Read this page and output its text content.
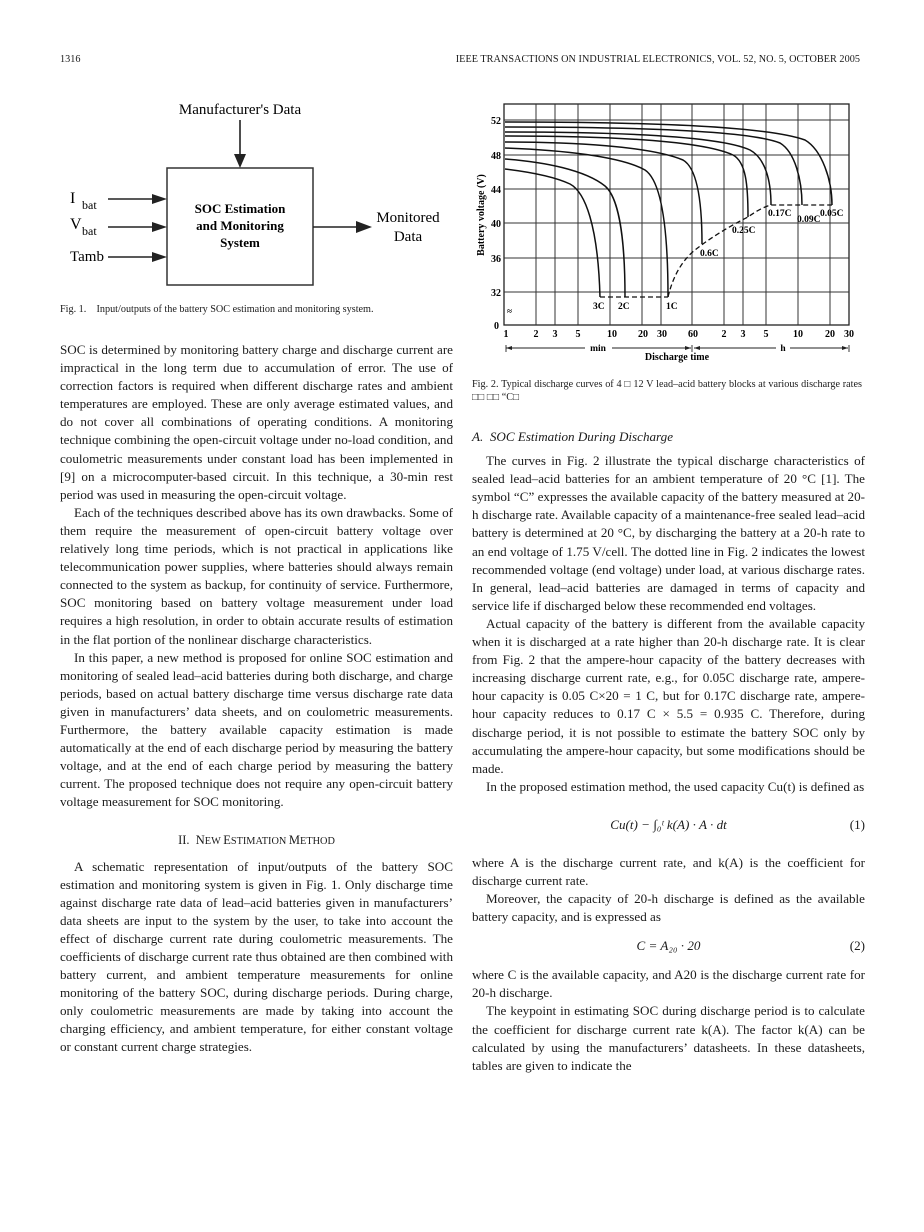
1316	IEEE TRANSACTIONS ON INDUSTRIAL ELECTRONICS, VOL. 52, NO. 5, OCTOBER 2005
Manufacturer's Data
SOC Estimation
and Monitoring
System
I bat
V bat
Tamb
Monitored
Data
Fig. 1.    Input/outputs of the battery SOC estimation and monitoring system.
52
48
44
40
36
32
0
≈
Battery voltage (V)
1	2 3 5	10 20 30 60 2 3 5 10 20 30
min	h
Discharge time
3C 2C	1C
0.6C
0.25C
0.17C
0.09C
0.05C
Fig. 2. Typical discharge curves of 4 □ 12 V lead–acid battery blocks at various discharge rates □□ □□ “C□

SOC is determined by monitoring battery charge and discharge current are impractical in the long term due to accumulation of error. The use of correction factors is required when different discharge rates and ambient temperatures are employed. These are only average estimated values, and do not cover all combinations of operating conditions. A monitoring technique combining the open-circuit voltage under no-load condition, and coulometric measurements under constant load has been implemented in [9] on a microcomputer-based circuit. In this technique, a 30-min rest period was used in measuring the open-circuit voltage.

Each of the techniques described above has its own drawbacks. Some of them require the measurement of open-circuit battery voltage over relatively long time periods, which is not practical in applications like telecommunication power supplies, where batteries should always remain connected to the system as backup, for continuity of service. Furthermore, SOC monitoring based on battery voltage measurement under load requires a high resolution, in order to obtain accurate results of estimation in the flat portion of the nonlinear discharge characteristics.

In this paper, a new method is proposed for online SOC estimation and monitoring of sealed lead–acid batteries during both discharge, and charge periods, based on actual battery discharge time versus discharge rate data given in manufacturers’ data sheets, and on coulometric measurements. Furthermore, the battery available capacity estimation is made automatically at the end of each discharge period by measuring the battery voltage, and at the end of each charge period by measuring the battery current. The proposed technique does not require any open-circuit battery voltage measurement for SOC monitoring.

II. NEW ESTIMATION METHOD

A schematic representation of input/outputs of the battery SOC estimation and monitoring system is given in Fig. 1. Only discharge time against discharge rate data of lead–acid batteries given in manufacturers’ data sheets are input to the system by the user, to take into account the effect of discharge current rate during coulometric measurements. The coefficients of discharge current rate thus obtained are then combined with battery current, and ambient temperature measurements for online monitoring of the battery SOC, during discharge periods. During charge, only coulometric measurements are made by taking into account the charging efficiency, and ambient temperature, for either constant voltage or constant current charge strategies.

A.  SOC Estimation During Discharge

The curves in Fig. 2 illustrate the typical discharge characteristics of sealed lead–acid batteries for an ambient temperature of 20 °C [1]. The symbol “C” expresses the available capacity of the battery measured at 20-h discharge rate. Available capacity of a maintenance-free sealed lead–acid battery is determined at 20 °C, by discharging the battery at a 20-h rate to an end voltage of 1.75 V/cell. The dotted line in Fig. 2 indicates the lowest recommended voltage (end voltage) under load, at various discharge rates. In general, lead–acid batteries are damaged in terms of capacity and service life if discharged below these recommended end voltages.

Actual capacity of the battery is different from the available capacity when it is discharged at a rate higher than 20-h discharge rate. It is clear from Fig. 2 that the ampere-hour capacity of the battery decreases with increasing discharge current rate, e.g., for 0.05C discharge rate, ampere-hour capacity is 0.05 C×20 = 1 C, but for 0.17C discharge rate, ampere-hour capacity reduces to 0.17 C × 5.5 = 0.935 C. Therefore, during discharge period, it is not possible to estimate the battery SOC only by accumulating the ampere-hour capacity, but some modifications should be made.

In the proposed estimation method, the used capacity Cu(t) is defined as

Cu(t) − ∫₀ᵗ k(A) · A · dt	(1)

where A is the discharge current rate, and k(A) is the coefficient for discharge current rate.

Moreover, the capacity of 20-h discharge is defined as the available battery capacity, and is expressed as

C = A₂₀ · 20	(2)

where C is the available capacity, and A20 is the discharge current rate for 20-h discharge.

The keypoint in estimating SOC during discharge period is to calculate the coefficient for discharge current rate k(A). The factor k(A) can be calculated by using the manufacturers’ datasheets. In these datasheets, tables are given to indicate the
